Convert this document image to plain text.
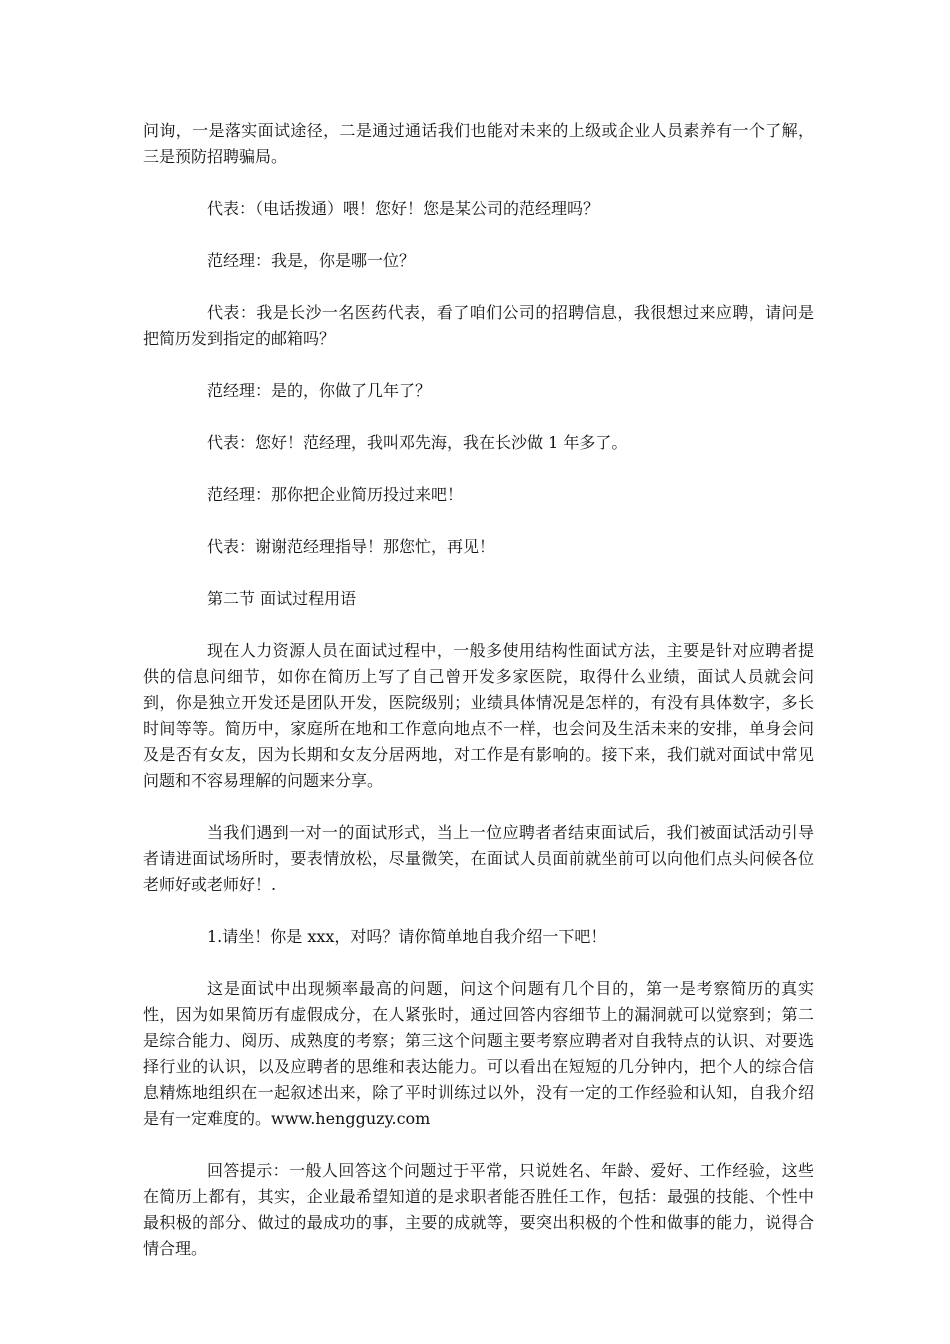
问询，一是落实面试途径，二是通过通话我们也能对未来的上级或企业人员素养有一个了解，三是预防招聘骗局。

代表：（电话拨通）喂！您好！您是某公司的范经理吗？

范经理：我是，你是哪一位？

代表：我是长沙一名医药代表，看了咱们公司的招聘信息，我很想过来应聘，请问是把简历发到指定的邮箱吗？

范经理：是的，你做了几年了？

代表：您好！范经理，我叫邓先海，我在长沙做 1 年多了。

范经理：那你把企业简历投过来吧！

代表：谢谢范经理指导！那您忙，再见！

第二节 面试过程用语

现在人力资源人员在面试过程中，一般多使用结构性面试方法，主要是针对应聘者提供的信息问细节，如你在简历上写了自己曾开发多家医院，取得什么业绩，面试人员就会问到，你是独立开发还是团队开发，医院级别；业绩具体情况是怎样的，有没有具体数字，多长时间等等。简历中，家庭所在地和工作意向地点不一样，也会问及生活未来的安排，单身会问及是否有女友，因为长期和女友分居两地，对工作是有影响的。接下来，我们就对面试中常见问题和不容易理解的问题来分享。

当我们遇到一对一的面试形式，当上一位应聘者者结束面试后，我们被面试活动引导者请进面试场所时，要表情放松，尽量微笑，在面试人员面前就坐前可以向他们点头问候各位老师好或老师好！.

1.请坐！你是 xxx，对吗？请你简单地自我介绍一下吧！

这是面试中出现频率最高的问题，问这个问题有几个目的，第一是考察简历的真实性，因为如果简历有虚假成分，在人紧张时，通过回答内容细节上的漏洞就可以觉察到；第二是综合能力、阅历、成熟度的考察；第三这个问题主要考察应聘者对自我特点的认识、对要选择行业的认识，以及应聘者的思维和表达能力。可以看出在短短的几分钟内，把个人的综合信息精炼地组织在一起叙述出来，除了平时训练过以外，没有一定的工作经验和认知，自我介绍是有一定难度的。www.hengguzy.com

回答提示：一般人回答这个问题过于平常，只说姓名、年龄、爱好、工作经验，这些在简历上都有，其实，企业最希望知道的是求职者能否胜任工作，包括：最强的技能、个性中最积极的部分、做过的最成功的事，主要的成就等，要突出积极的个性和做事的能力，说得合情合理。
